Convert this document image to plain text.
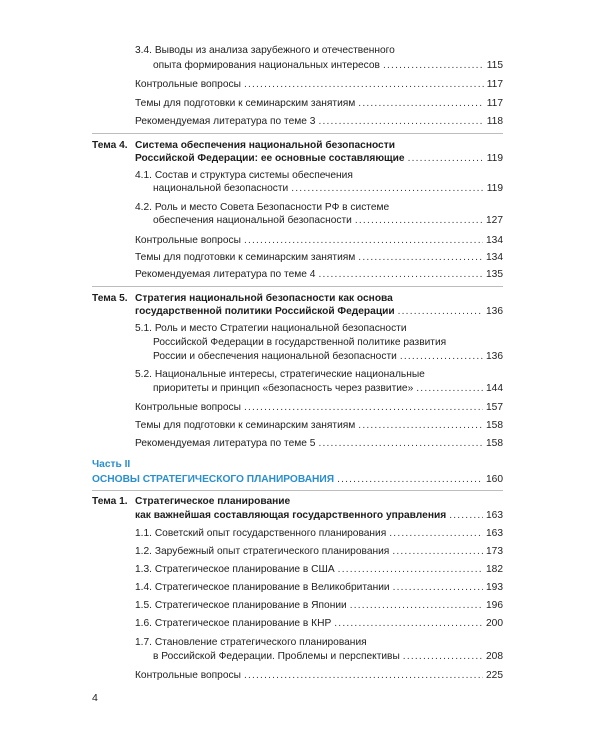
3.4. Выводы из анализа зарубежного и отечественного
опыта формирования национальных интересов .....	115
Контрольные вопросы .....	117
Темы для подготовки к семинарским занятиям .....	117
Рекомендуемая литература по теме 3 .....	118
Тема 4. Система обеспечения национальной безопасности
Российской Федерации: ее основные составляющие .....	119
4.1. Состав и структура системы обеспечения
национальной безопасности .....	119
4.2. Роль и место Совета Безопасности РФ в системе
обеспечения национальной безопасности .....	127
Контрольные вопросы .....	134
Темы для подготовки к семинарским занятиям .....	134
Рекомендуемая литература по теме 4 .....	135
Тема 5. Стратегия национальной безопасности как основа
государственной политики Российской Федерации .....	136
5.1. Роль и место Стратегии национальной безопасности
Российской Федерации в государственной политике развития
России и обеспечения национальной безопасности .....	136
5.2. Национальные интересы, стратегические национальные
приоритеты и принцип «безопасность через развитие» .....	144
Контрольные вопросы .....	157
Темы для подготовки к семинарским занятиям .....	158
Рекомендуемая литература по теме 5 .....	158
Часть II
ОСНОВЫ СТРАТЕГИЧЕСКОГО ПЛАНИРОВАНИЯ .....	160
Тема 1. Стратегическое планирование
как важнейшая составляющая государственного управления .....	163
1.1. Советский опыт государственного планирования .....	163
1.2. Зарубежный опыт стратегического планирования .....	173
1.3. Стратегическое планирование в США .....	182
1.4. Стратегическое планирование в Великобритании .....	193
1.5. Стратегическое планирование в Японии .....	196
1.6. Стратегическое планирование в КНР .....	200
1.7. Становление стратегического планирования
в Российской Федерации. Проблемы и перспективы .....	208
Контрольные вопросы .....	225
4
